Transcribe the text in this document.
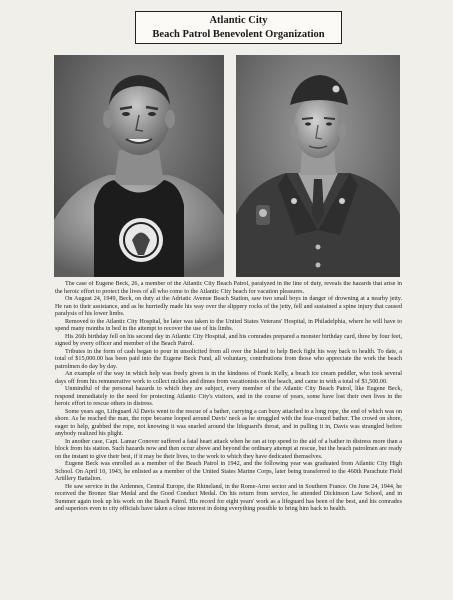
Atlantic City
Beach Patrol Benevolent Organization

The case of Eugene Beck, 26, a member of the Atlantic City Beach Patrol, paralyzed in the line of duty, reveals the hazards that arise in the heroic effort to protect the lives of all who come to the Atlantic City beach for vacation pleasures.

On August 24, 1949, Beck, on duty at the Adriatic Avenue Beach Station, saw two small boys in danger of drowning at a nearby jetty. He ran to their assistance, and as he hurriedly made his way over the slippery rocks of the jetty, fell and sustained a spine injury that caused paralysis of his lower limbs.

Removed to the Atlantic City Hospital, he later was taken to the United States Veterans' Hospital, in Philadelphia, where he will have to spend many months in bed in the attempt to recover the use of his limbs.

His 26th birthday fell on his second day in Atlantic City Hospital, and his comrades prepared a monster birthday card, three by four feet, signed by every officer and member of the Beach Patrol.

Tributes in the form of cash began to pour in unsolicited from all over the Island to help Beck fight his way back to health. To date, a total of $15,000.00 has been paid into the Eugene Beck Fund, all voluntary, contributions from those who appreciate the work the beach patrolmen do day by day.

An example of the way in which help was freely given is in the kindness of Frank Kelly, a beach ice cream peddler, who took several days off from his remunerative work to collect nickles and dimes from vacationists on the beach, and came in with a total of $1,500.00.

Unmindful of the personal hazards to which they are subject, every member of the Atlantic City Beach Patrol, like Eugene Beck, respond immediately to the need for protecting Atlantic City's visitors, and in the course of years, some have lost their own lives in the heroic effort to rescue others in distress.

Some years ago, Lifeguard Al Davis went to the rescue of a bather, carrying a can buoy attached to a long rope, the end of which was on shore. As he reached the man, the rope became looped around Davis' neck as he struggled with the fear-crazed bather. The crowd on shore, eager to help, grabbed the rope, not knowing it was snarled around the lifeguard's throat, and in pulling it in, Davis was strangled before anybody realized his plight.

In another case, Capt. Lamar Conover suffered a fatal heart attack when he ran at top speed to the aid of a bather in distress more than a block from his station. Such hazards now and then occur above and beyond the ordinary attempt at rescue, but the beach patrolmen are ready on the instant to give their best, if it may be their lives, to the work to which they have dedicated themselves.

Eugene Beck was enrolled as a member of the Beach Patrol in 1942, and the following year was graduated from Atlantic City High School. On April 10, 1943, he enlisted as a member of the United States Marine Corps, later being transferred to the 460th Parachute Field Artillery Battalion.

He saw service in the Ardennes, Central Europe, the Rhineland, in the Rome-Arno sector and in Southern France. On June 24, 1944, he received the Bronze Star Medal and the Good Conduct Medal. On his return from service, he attended Dickinson Law School, and in Summer again took up his work on the Beach Patrol. His record for eight years' work as a lifeguard has been of the best, and his comrades and superiors even to city officials have taken a close interest in doing everything possible to bring him back to health.
